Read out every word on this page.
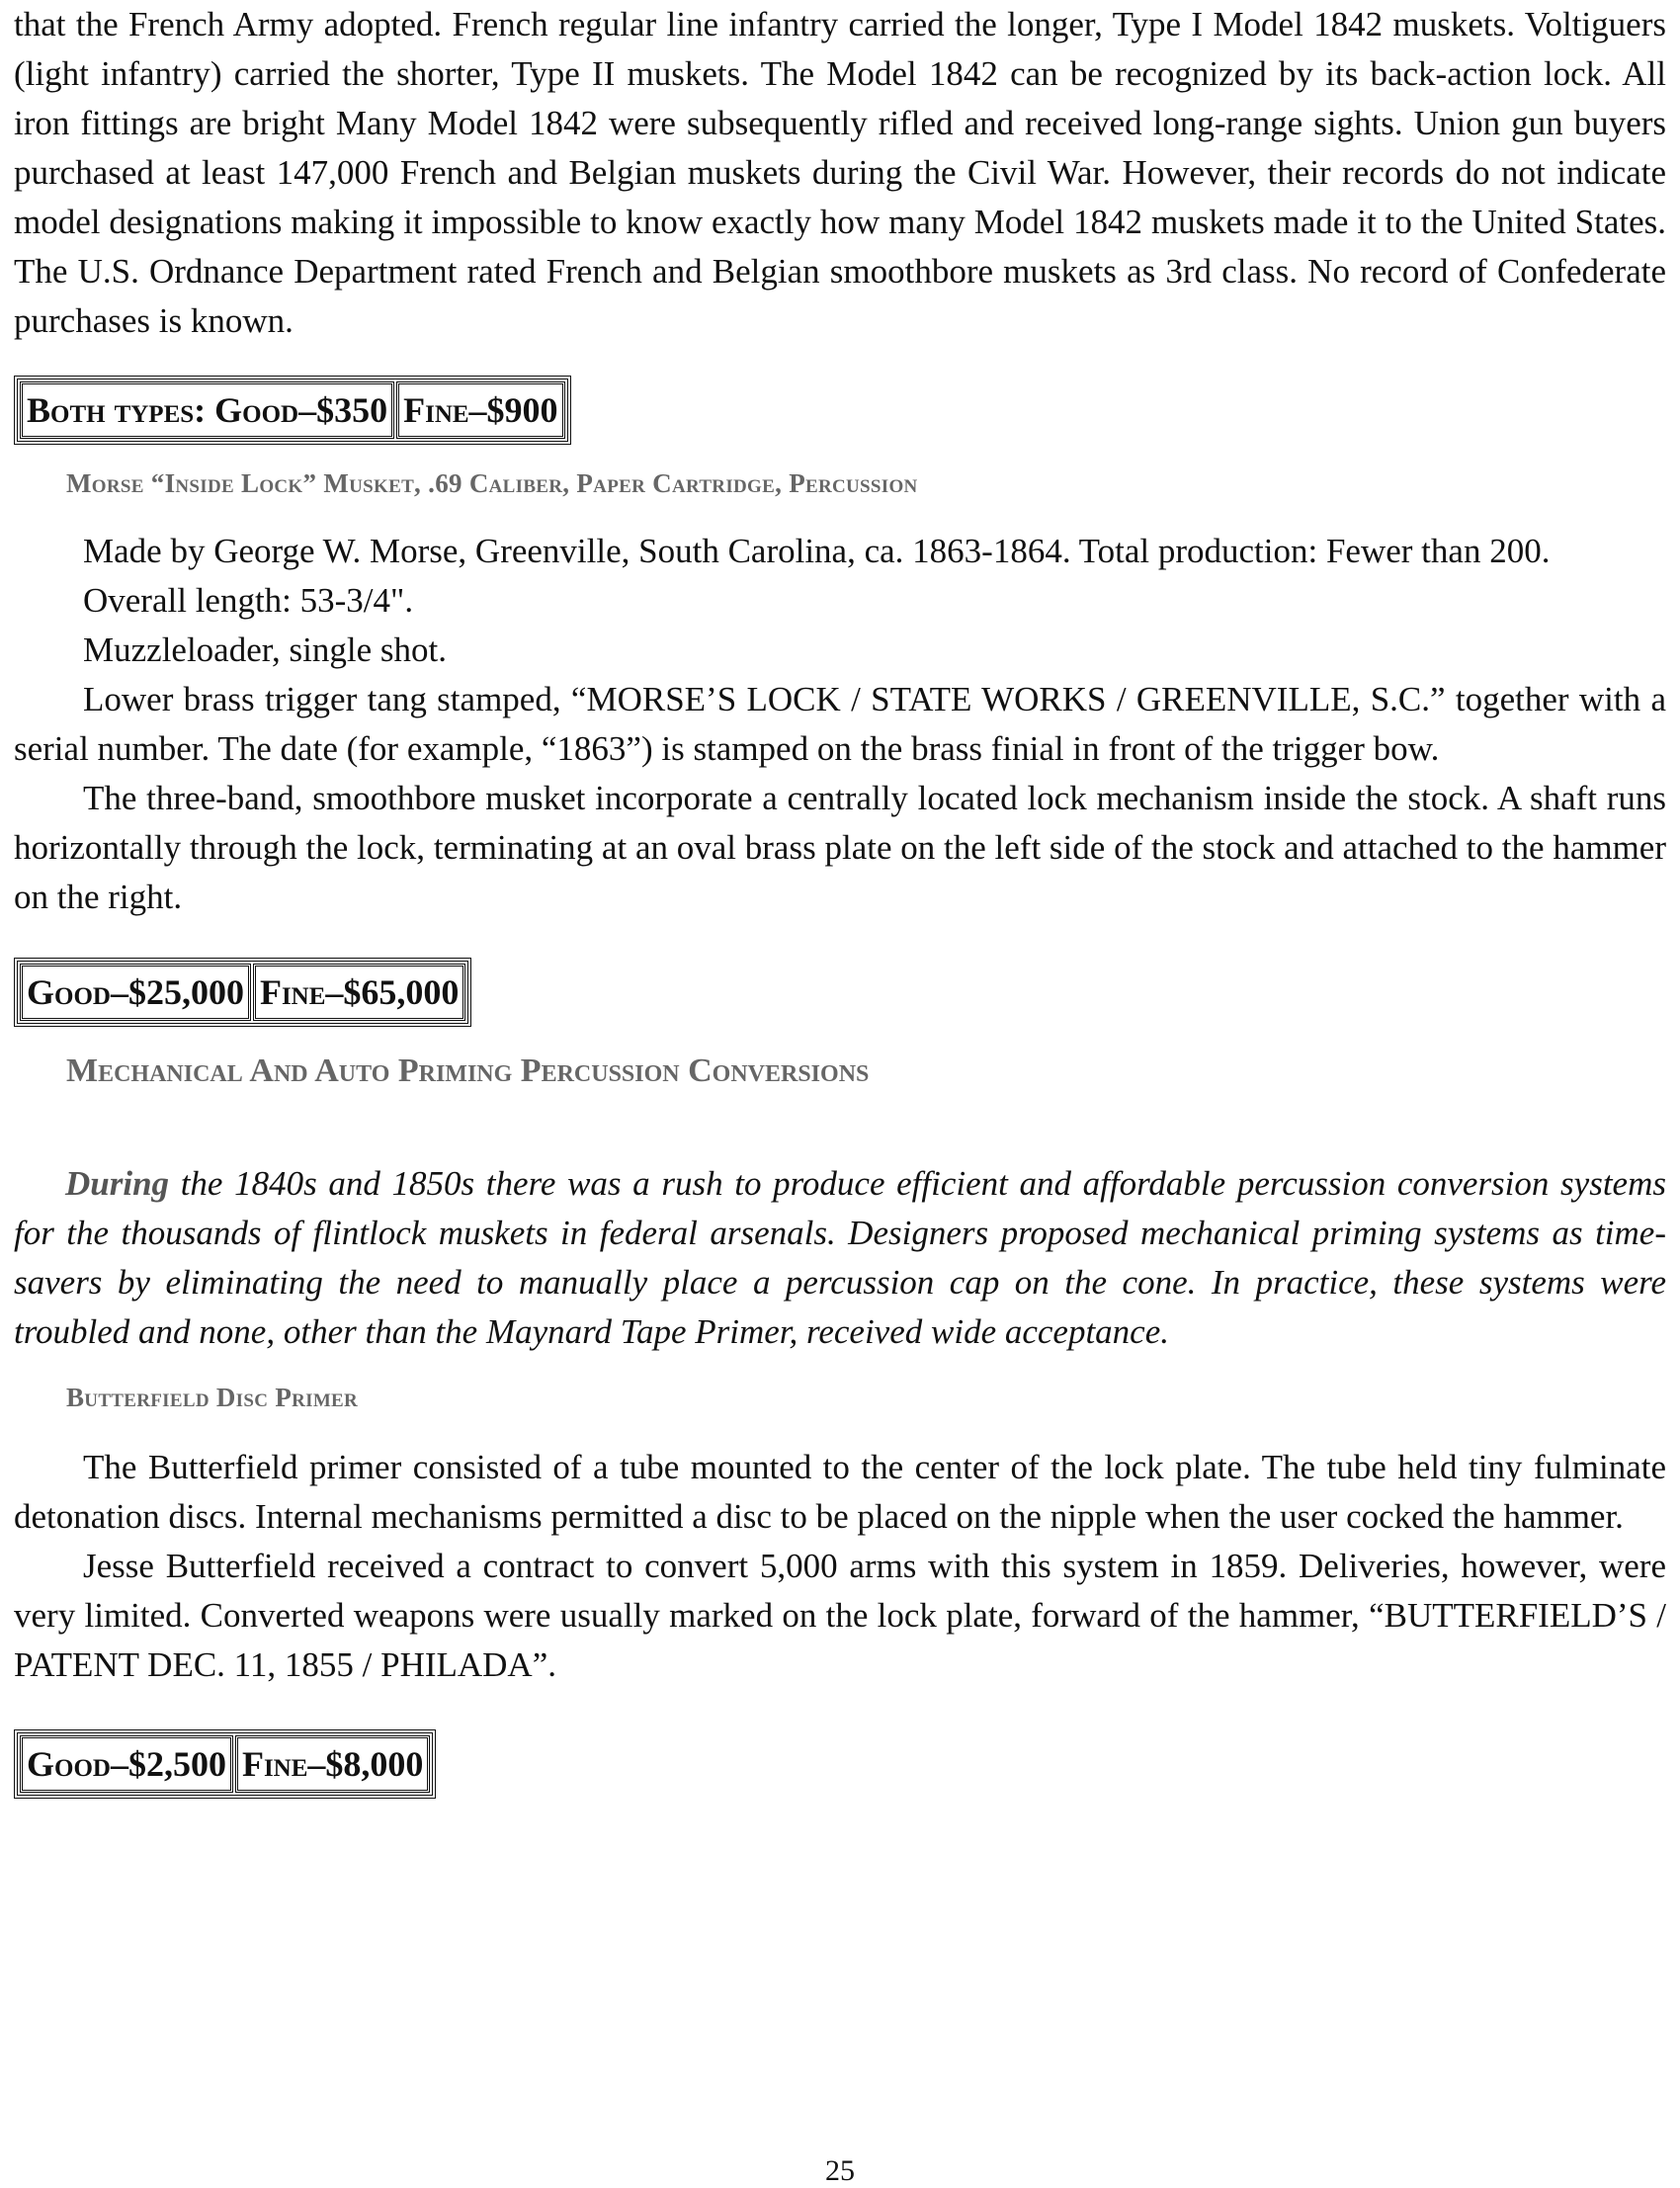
that the French Army adopted. French regular line infantry carried the longer, Type I Model 1842 muskets. Voltiguers (light infantry) carried the shorter, Type II muskets. The Model 1842 can be recognized by its back-action lock. All iron fittings are bright Many Model 1842 were subsequently rifled and received long-range sights. Union gun buyers purchased at least 147,000 French and Belgian muskets during the Civil War. However, their records do not indicate model designations making it impossible to know exactly how many Model 1842 muskets made it to the United States. The U.S. Ordnance Department rated French and Belgian smoothbore muskets as 3rd class. No record of Confederate purchases is known.

Both types: Good–$350 Fine–$900
Morse “Inside Lock” Musket, .69 Caliber, Paper Cartridge, Percussion

Made by George W. Morse, Greenville, South Carolina, ca. 1863-1864. Total production: Fewer than 200.

Overall length: 53-3/4".

Muzzleloader, single shot.

Lower brass trigger tang stamped, “MORSE’S LOCK / STATE WORKS / GREENVILLE, S.C.” together with a serial number. The date (for example, “1863”) is stamped on the brass finial in front of the trigger bow.

The three-band, smoothbore musket incorporate a centrally located lock mechanism inside the stock. A shaft runs horizontally through the lock, terminating at an oval brass plate on the left side of the stock and attached to the hammer on the right.

Good–$25,000 Fine–$65,000
Mechanical And Auto Priming Percussion Conversions

During the 1840s and 1850s there was a rush to produce efficient and affordable percussion conversion systems for the thousands of flintlock muskets in federal arsenals. Designers proposed mechanical priming systems as time-savers by eliminating the need to manually place a percussion cap on the cone. In practice, these systems were troubled and none, other than the Maynard Tape Primer, received wide acceptance.

Butterfield Disc Primer

The Butterfield primer consisted of a tube mounted to the center of the lock plate. The tube held tiny fulminate detonation discs. Internal mechanisms permitted a disc to be placed on the nipple when the user cocked the hammer.

Jesse Butterfield received a contract to convert 5,000 arms with this system in 1859. Deliveries, however, were very limited. Converted weapons were usually marked on the lock plate, forward of the hammer, “BUTTERFIELD’S / PATENT DEC. 11, 1855 / PHILADA”.

Good–$2,500 Fine–$8,000
25
